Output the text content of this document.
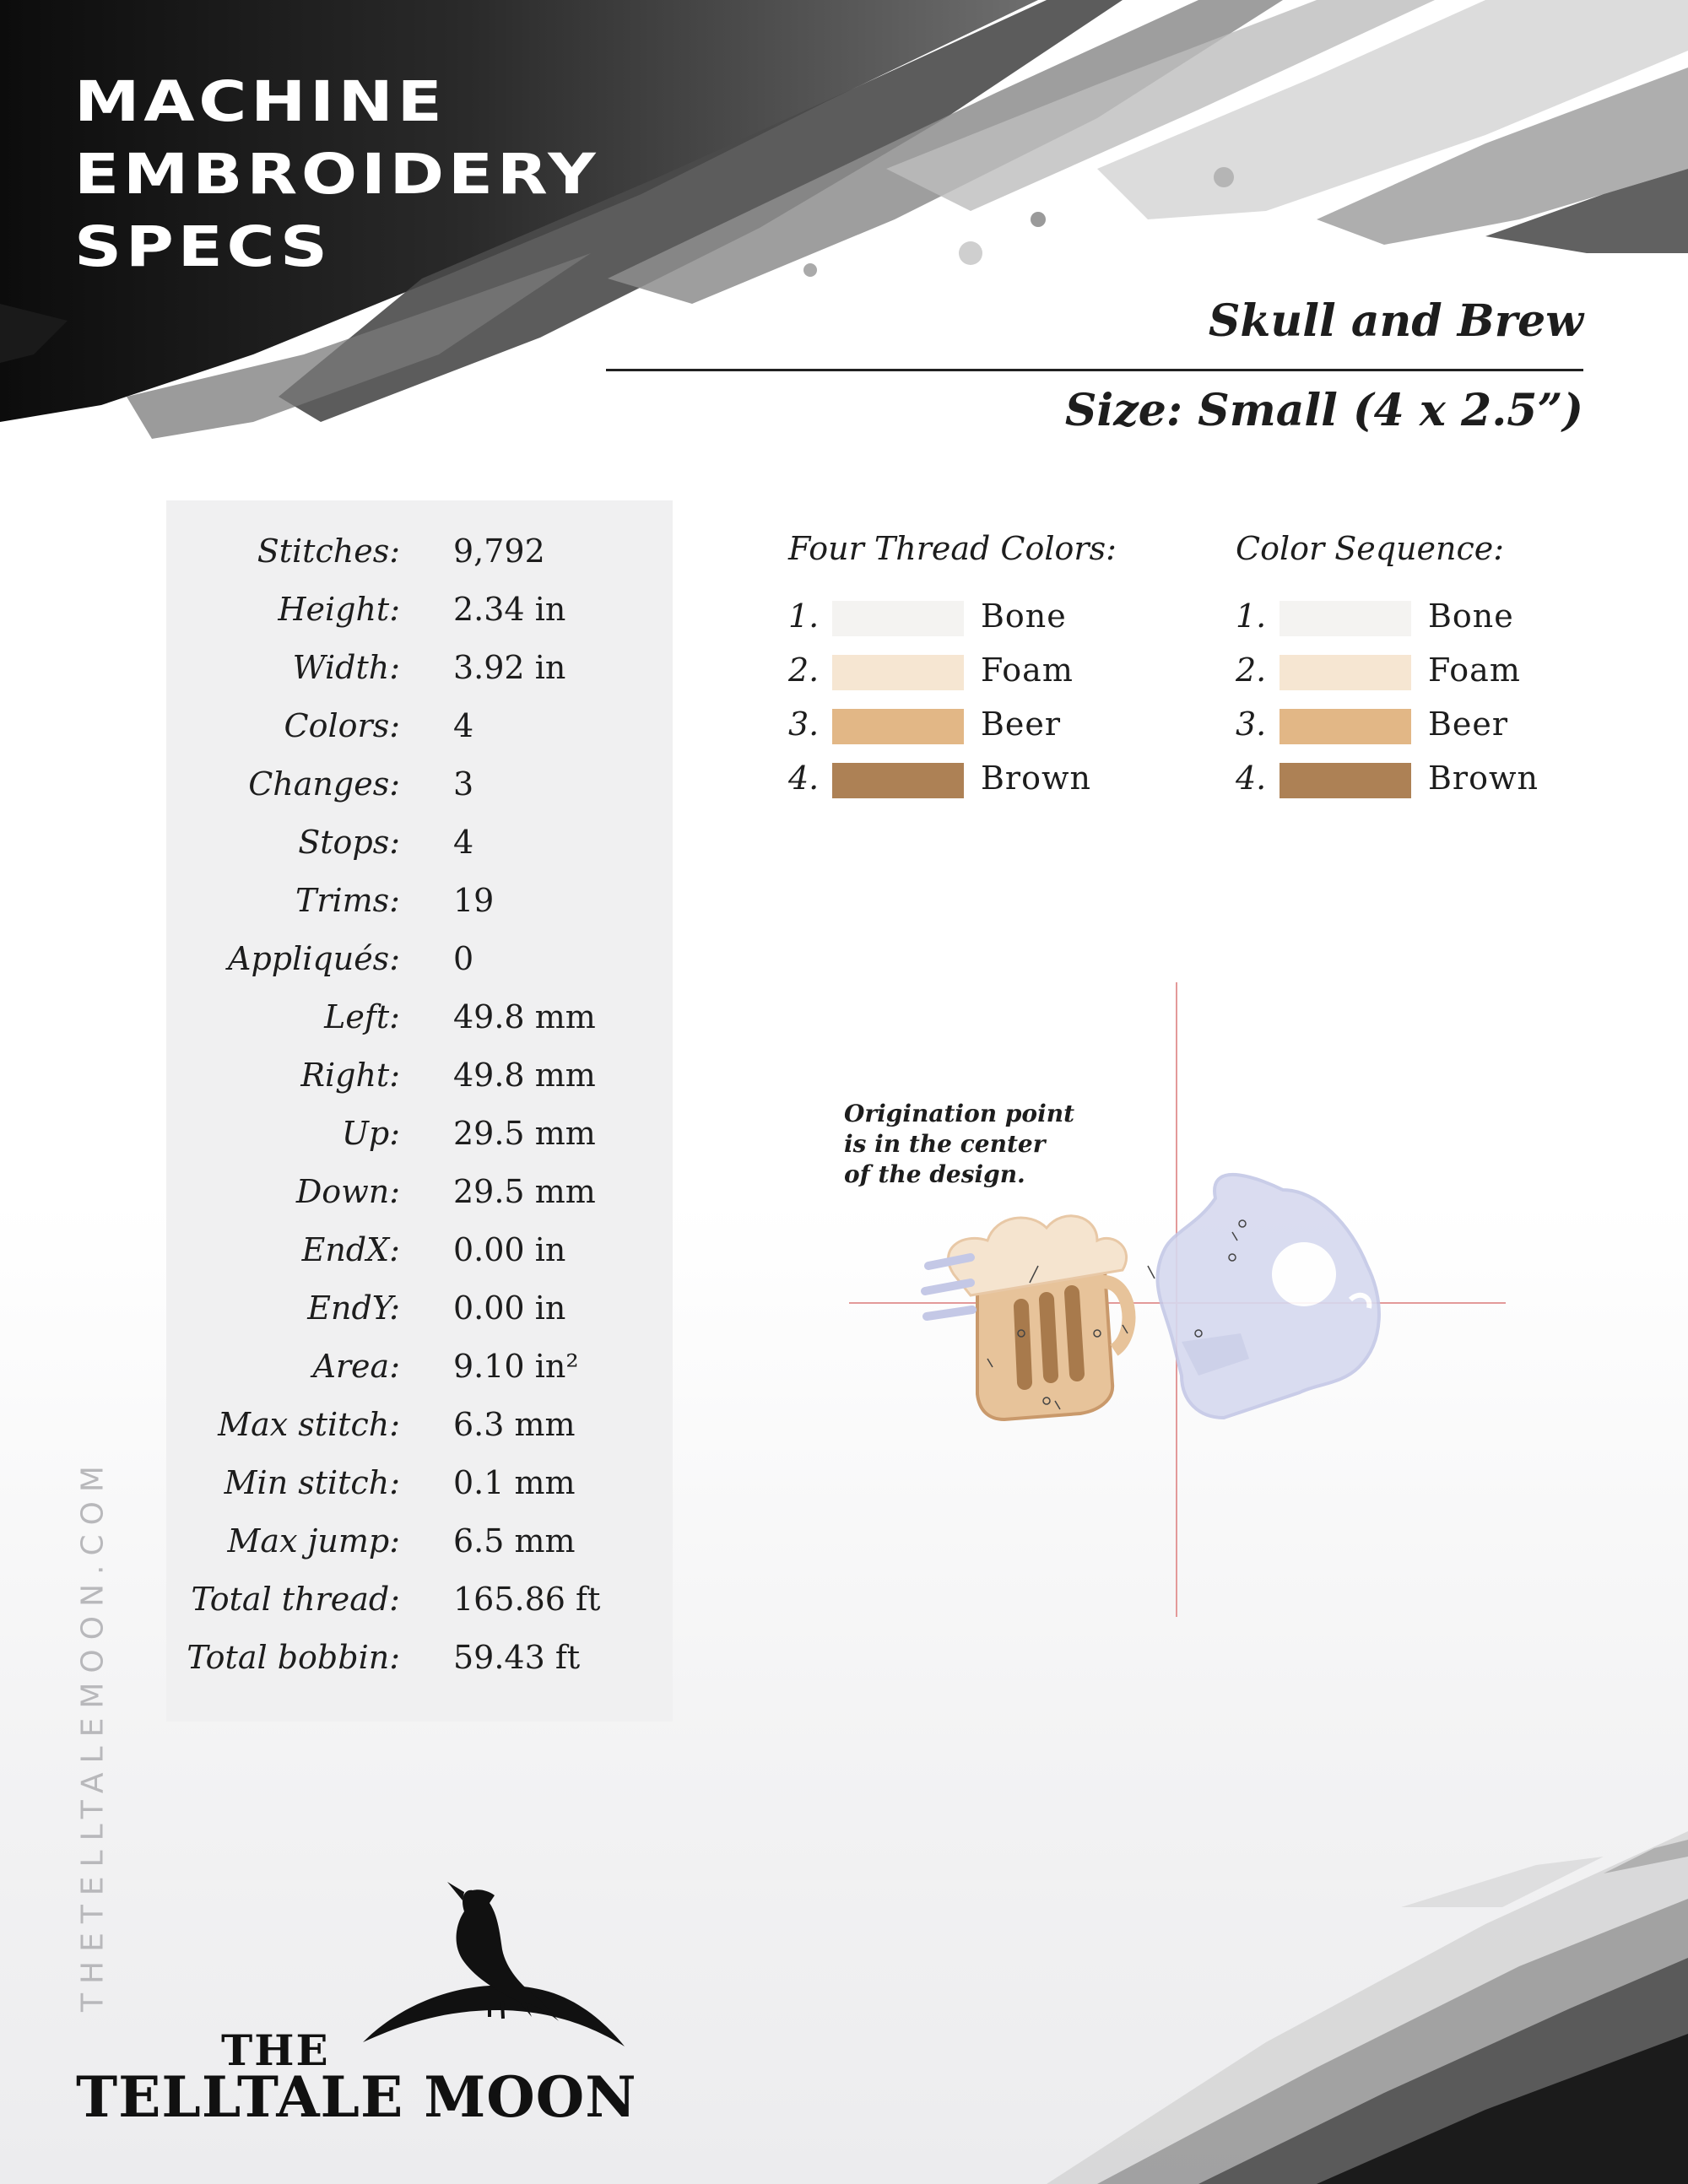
MACHINE
EMBROIDERY
SPECS
Skull and Brew
Size: Small (4 x 2.5”)
Stitches: 9,792
Height: 2.34 in
Width: 3.92 in
Colors: 4
Changes: 3
Stops: 4
Trims: 19
Appliqués: 0
Left: 49.8 mm
Right: 49.8 mm
Up: 29.5 mm
Down: 29.5 mm
EndX: 0.00 in
EndY: 0.00 in
Area: 9.10 in²
Max stitch: 6.3 mm
Min stitch: 0.1 mm
Max jump: 6.5 mm
Total thread: 165.86 ft
Total bobbin: 59.43 ft
Four Thread Colors:
1.	Bone
2.	Foam
3.	Beer
4.	Brown
Color Sequence:
1.	Bone
2.	Foam
3.	Beer
4.	Brown
Origination point
is in the center
of the design.
THETELLTALEMOON.COM
THE
TELLTALE MOON
